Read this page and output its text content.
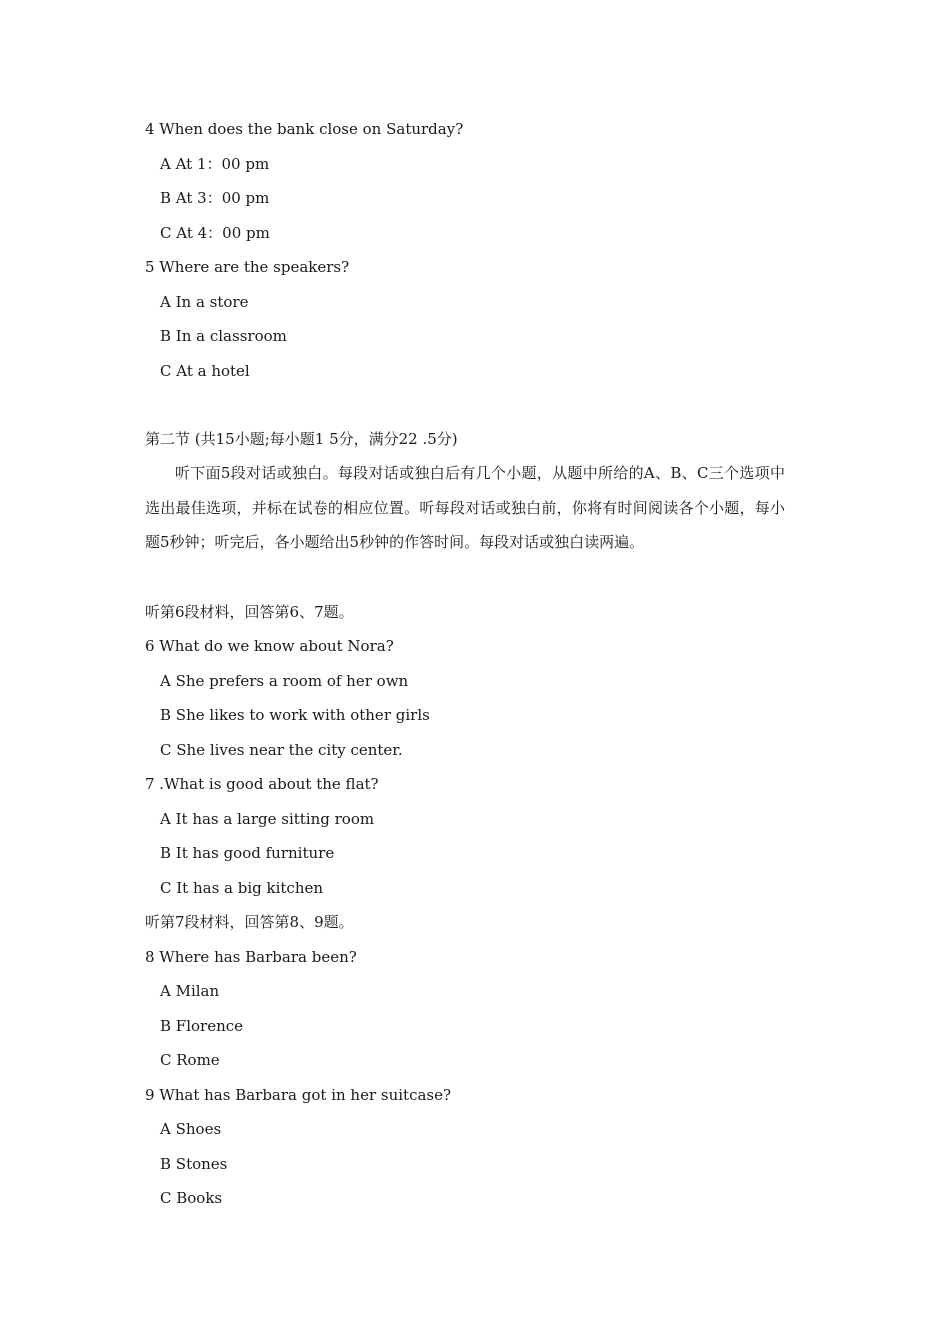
4 When does the bank close on Saturday?
A At 1：00 pm
B At 3：00 pm
C At 4：00 pm
5 Where are the speakers?
A In a store
B In a classroom
C At a hotel
第二节 (共15小题;每小题1 5分，满分22 .5分)
听下面5段对话或独白。每段对话或独白后有几个小题，从题中所给的A、B、C三个选项中选出最佳选项，并标在试卷的相应位置。听每段对话或独白前，你将有时间阅读各个小题，每小题5秒钟；听完后，各小题给出5秒钟的作答时间。每段对话或独白读两遍。
听第6段材料，回答第6、7题。
6 What do we know about Nora?
A She prefers a room of her own
B She likes to work with other girls
C She lives near the city center.
7 .What is good about the flat?
A It has a large sitting room
B It has good furniture
C It has a big kitchen
听第7段材料，回答第8、9题。
8 Where has Barbara been?
A Milan
B Florence
C Rome
9 What has Barbara got in her suitcase?
A Shoes
B Stones
C Books
